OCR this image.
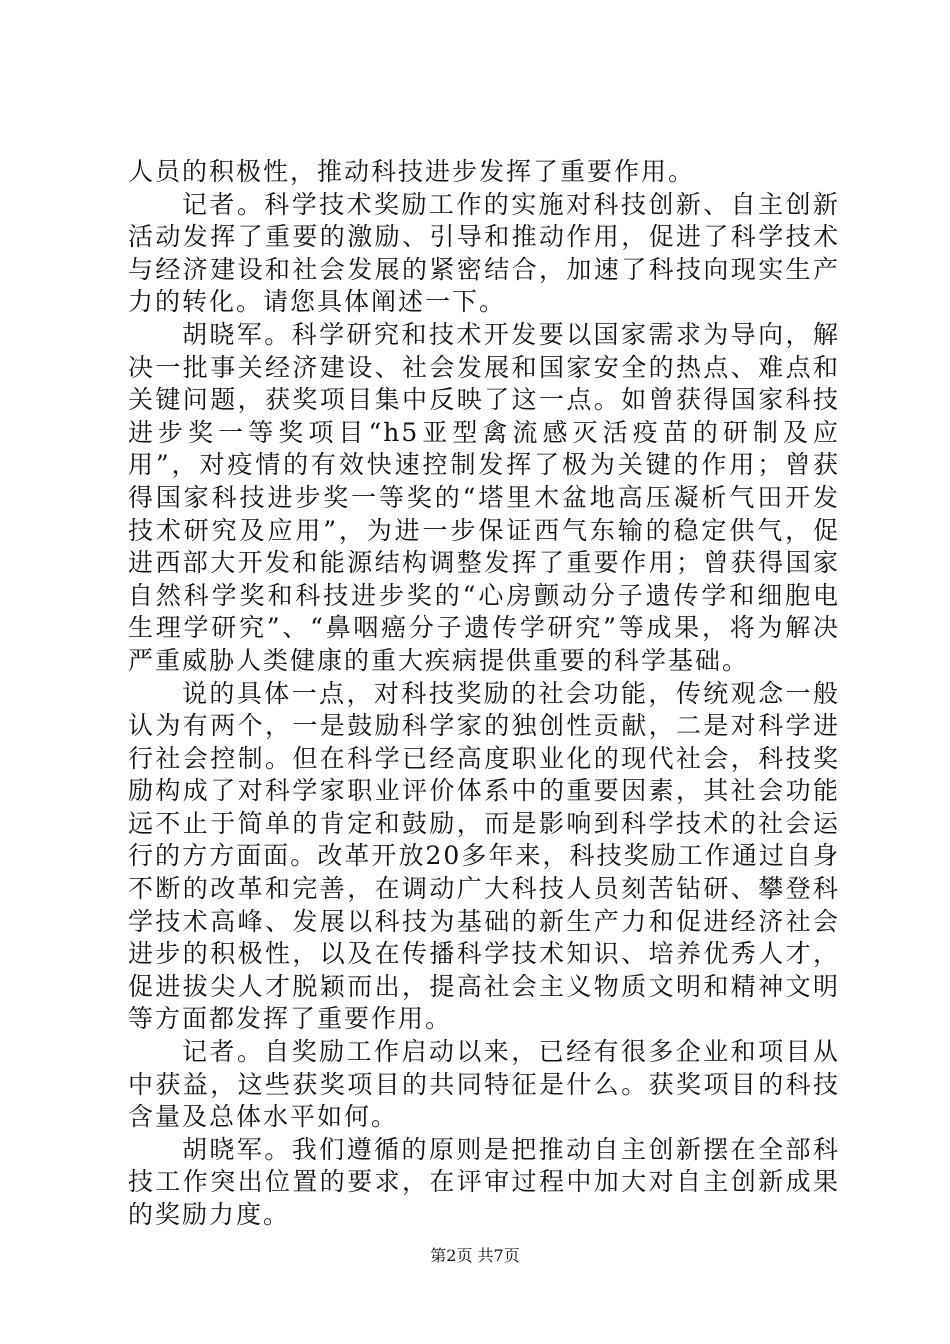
人员的积极性，推动科技进步发挥了重要作用。

记者。科学技术奖励工作的实施对科技创新、自主创新活动发挥了重要的激励、引导和推动作用，促进了科学技术与经济建设和社会发展的紧密结合，加速了科技向现实生产力的转化。请您具体阐述一下。

胡晓军。科学研究和技术开发要以国家需求为导向，解决一批事关经济建设、社会发展和国家安全的热点、难点和关键问题，获奖项目集中反映了这一点。如曾获得国家科技进步奖一等奖项目“h5亚型禽流感灭活疫苗的研制及应用”，对疫情的有效快速控制发挥了极为关键的作用；曾获得国家科技进步奖一等奖的“塔里木盆地高压凝析气田开发技术研究及应用”，为进一步保证西气东输的稳定供气，促进西部大开发和能源结构调整发挥了重要作用；曾获得国家自然科学奖和科技进步奖的“心房颤动分子遗传学和细胞电生理学研究”、“鼻咽癌分子遗传学研究”等成果，将为解决严重威胁人类健康的重大疾病提供重要的科学基础。

说的具体一点，对科技奖励的社会功能，传统观念一般认为有两个，一是鼓励科学家的独创性贡献，二是对科学进行社会控制。但在科学已经高度职业化的现代社会，科技奖励构成了对科学家职业评价体系中的重要因素，其社会功能远不止于简单的肯定和鼓励，而是影响到科学技术的社会运行的方方面面。改革开放20多年来，科技奖励工作通过自身不断的改革和完善，在调动广大科技人员刻苦钻研、攀登科学技术高峰、发展以科技为基础的新生产力和促进经济社会进步的积极性，以及在传播科学技术知识、培养优秀人才，促进拔尖人才脱颖而出，提高社会主义物质文明和精神文明等方面都发挥了重要作用。

记者。自奖励工作启动以来，已经有很多企业和项目从中获益，这些获奖项目的共同特征是什么。获奖项目的科技含量及总体水平如何。

胡晓军。我们遵循的原则是把推动自主创新摆在全部科技工作突出位置的要求，在评审过程中加大对自主创新成果的奖励力度。

第2页 共7页
